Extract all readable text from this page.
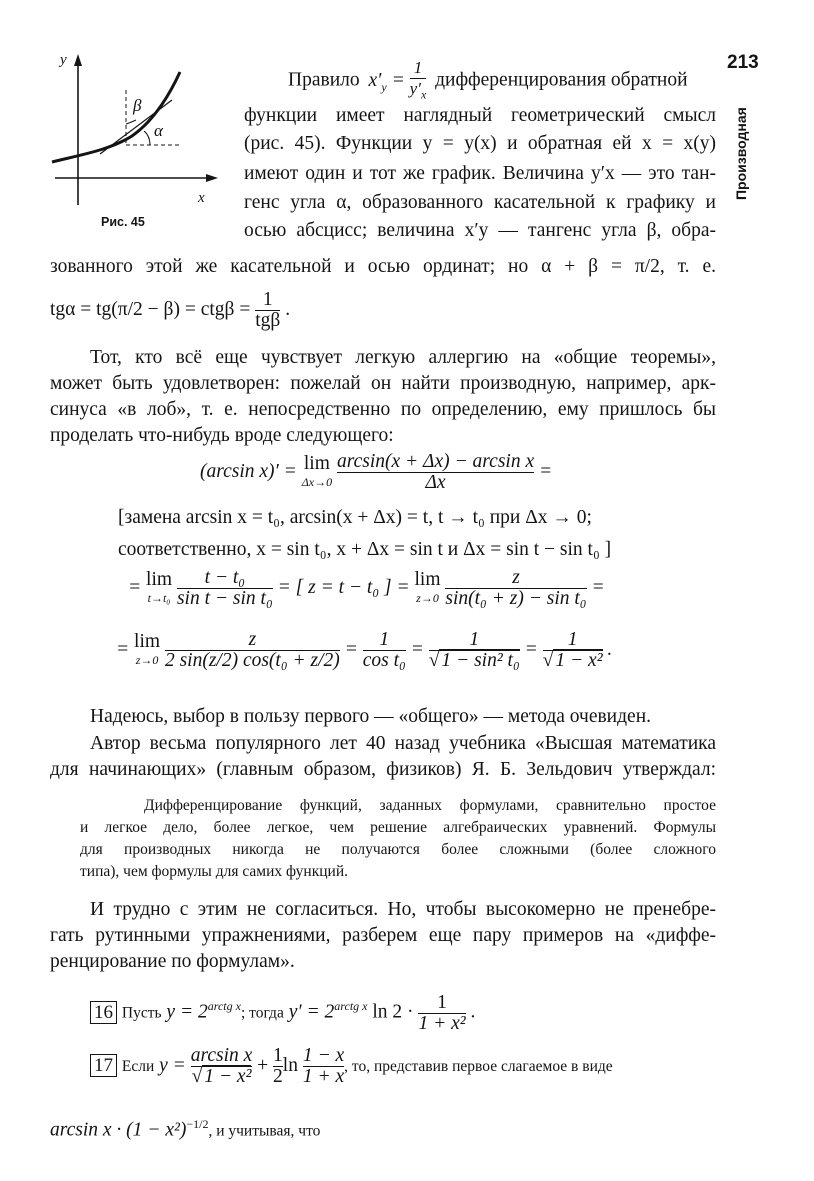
213
Производная
y
x
β
α
Рис. 45
Правило $x'_y = \frac{1}{y'_x}$ дифференцирования обратной
функции имеет наглядный геометрический смысл
(рис. 45). Функции y = y(x) и обратная ей x = x(y)
имеют один и тот же график. Величина y′x — это тан-
генс угла α, образованного касательной к графику и
осью абсцисс; величина x′y — тангенс угла β, обра-
зованного этой же касательной и осью ординат; но α + β = π/2, т. е.
$tg\alpha = tg(\pi/2 - \beta) = ctg\beta = \frac{1}{\text{tgβ}}$ .
Тот, кто всё еще чувствует легкую аллергию на «общие теоремы»,
может быть удовлетворен: пожелай он найти производную, например, арк-
синуса «в лоб», т. е. непосредственно по определению, ему пришлось бы
проделать что-нибудь вроде следующего:
(arcsin x)′ = lim
Δx→0
$\frac{\text{arcsin(x + Δx) − arcsin x}}{\Delta x}$ =
[замена arcsin x = t₀, arcsin(x + Δx) = t, t → t₀ при Δx → 0;
соответственно, x = sin t₀, x + Δx = sin t и Δx = sin t − sin t₀ ]
= lim
t→t₀
$\frac{\text{t − t₀}}{\text{sin t − sin t₀}}$ = [ z = t − t₀ ] = lim
z→0
$\frac{z}{\text{sin(t₀ + z) − sin t₀}}$ =
= lim
z→0
$\frac{z}{\text{2 sin(z/2) cos(t₀ + z/2)}} = \frac{1}{\text{cos t₀}} = \frac{1}{\text{√ 1 − sin² t₀}} = \frac{1}{\text{√ 1 − x²}}$ .
Надеюсь, выбор в пользу первого — «общего» — метода очевиден.
Автор весьма популярного лет 40 назад учебника «Высшая математика
для начинающих» (главным образом, физиков) Я. Б. Зельдович утверждал:
Дифференцирование функций, заданных формулами, сравнительно простое
и легкое дело, более легкое, чем решение алгебраических уравнений. Формулы
для производных никогда не получаются более сложными (более сложного
типа), чем формулы для самих функций.
И трудно с этим не согласиться. Но, чтобы высокомерно не пренебре-
гать рутинными упражнениями, разберем еще пару примеров на «диффе-
ренцирование по формулам».
16 Пусть $y = 2^{arctg x}$; тогда $y' = 2^{arctg x}$ $\ln 2 \cdot \frac{1}{\text{1 + x²}}$ .
17 Если $y = \frac{\text{arcsin x}}{\text{√ 1 − x²}} + \frac{1}{2}$ $\ln \frac{1 - x}{1 + x}$ , то, представив первое слагаемое в виде
$\arcsin x \cdot (1 - x^2)^{-1/2}$, и учитывая, что
